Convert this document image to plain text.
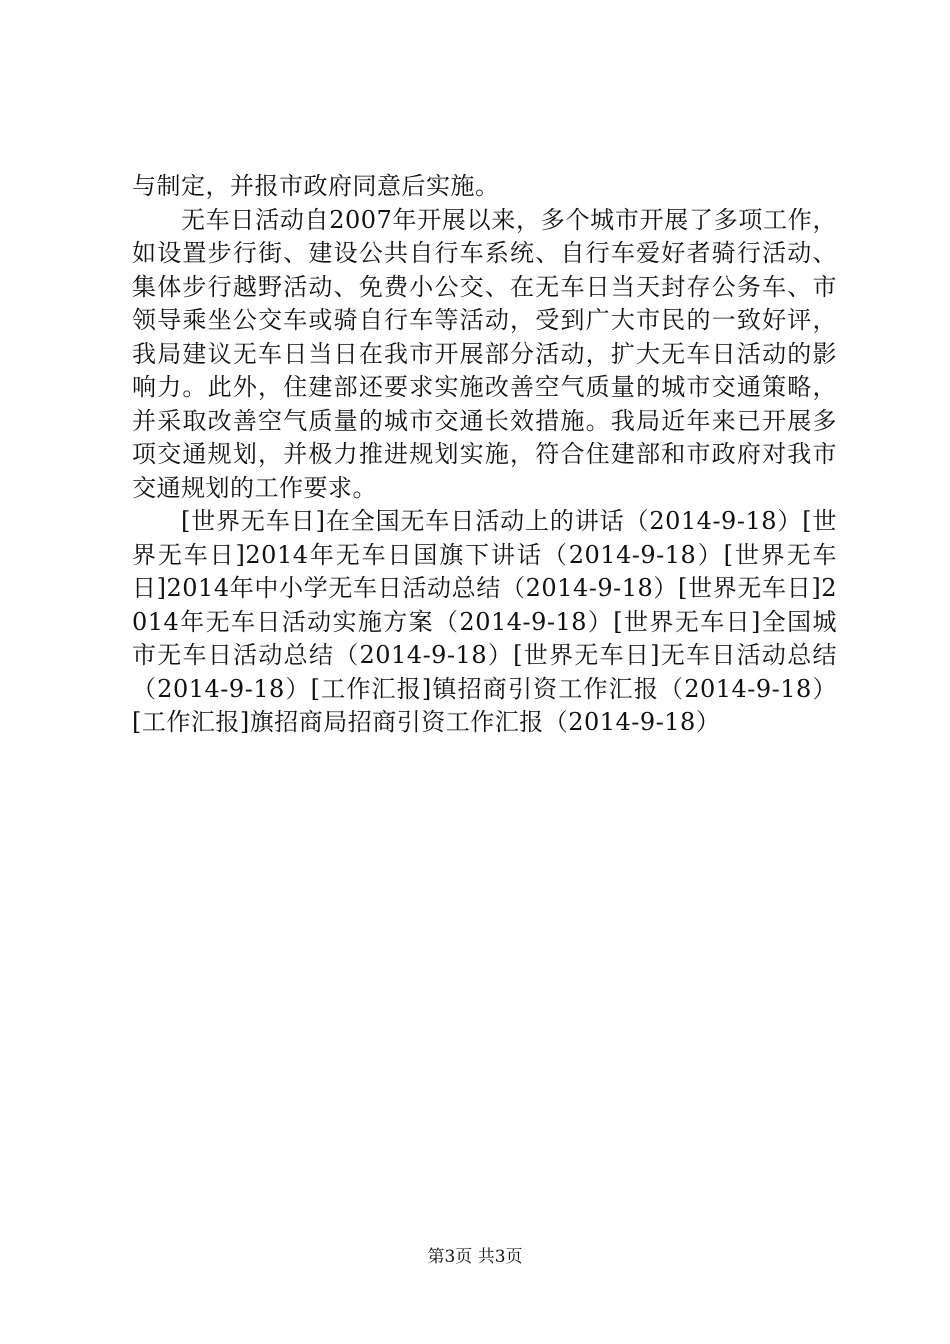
与制定，并报市政府同意后实施。

无车日活动自2007年开展以来，多个城市开展了多项工作，如设置步行街、建设公共自行车系统、自行车爱好者骑行活动、集体步行越野活动、免费小公交、在无车日当天封存公务车、市领导乘坐公交车或骑自行车等活动，受到广大市民的一致好评，我局建议无车日当日在我市开展部分活动，扩大无车日活动的影响力。此外，住建部还要求实施改善空气质量的城市交通策略，并采取改善空气质量的城市交通长效措施。我局近年来已开展多项交通规划，并极力推进规划实施，符合住建部和市政府对我市交通规划的工作要求。

[世界无车日]在全国无车日活动上的讲话（2014-9-18）[世界无车日]2014年无车日国旗下讲话（2014-9-18）[世界无车日]2014年中小学无车日活动总结（2014-9-18）[世界无车日]2014年无车日活动实施方案（2014-9-18）[世界无车日]全国城市无车日活动总结（2014-9-18）[世界无车日]无车日活动总结（2014-9-18）[工作汇报]镇招商引资工作汇报（2014-9-18）[工作汇报]旗招商局招商引资工作汇报（2014-9-18）

第3页 共3页
